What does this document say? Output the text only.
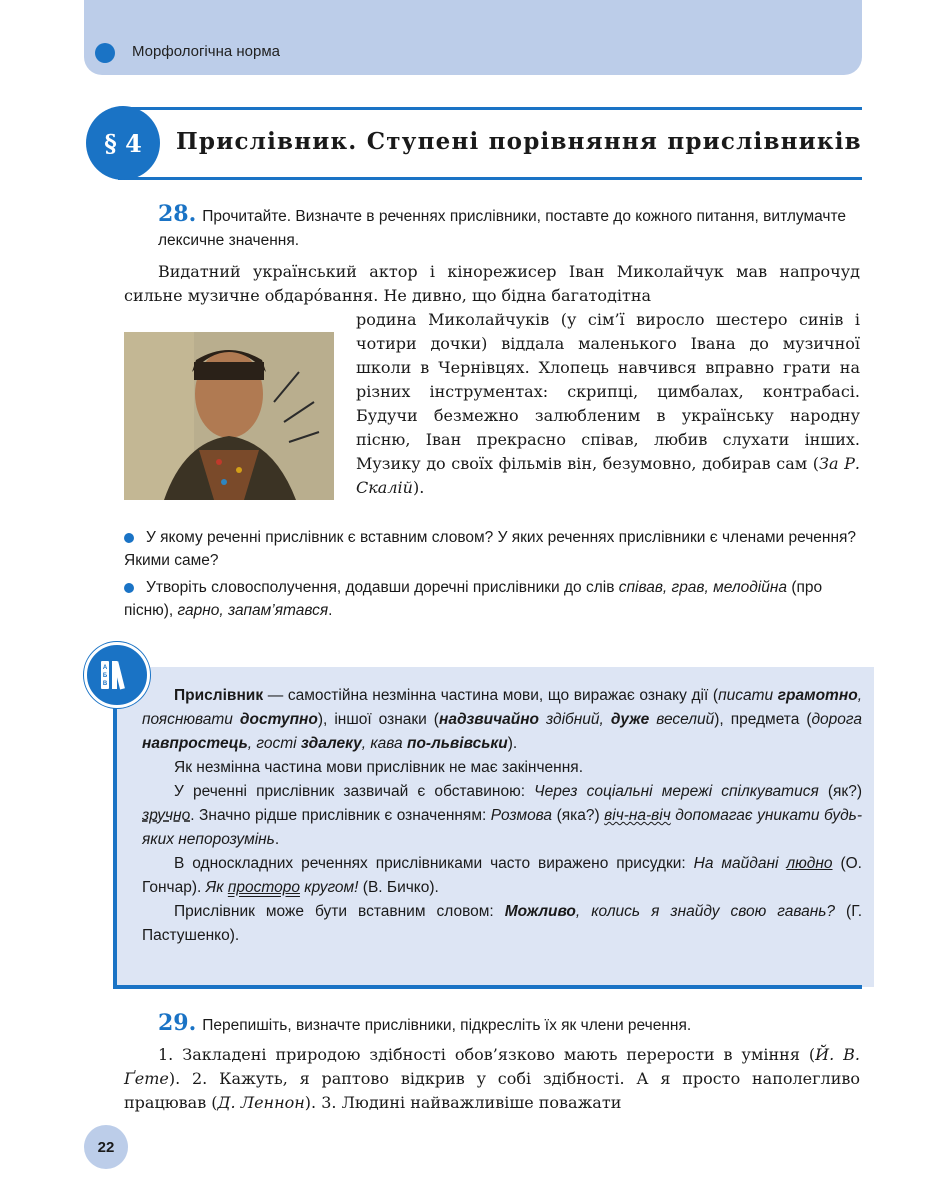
Морфологічна норма
§ 4	Прислівник. Ступені порівняння прислівників
28. Прочитайте. Визначте в реченнях прислівники, поставте до кожного питання, витлумачте лексичне значення.
Видатний український актор і кінорежисер Іван Миколайчук мав напрочуд сильне музичне обдаро́вання. Не дивно, що бідна багатодітна
родина Миколайчуків (у сім’ї виросло шестеро синів і чотири дочки) віддала маленького Івана до музичної школи в Чернівцях. Хлопець навчився вправно грати на різних інструментах: скрипці, цимбалах, контрабасі. Будучи безмежно залюбленим в українську народну пісню, Іван прекрасно співав, любив слухати інших. Музику до своїх фільмів він, безумовно, добирав сам (За Р. Скалій).
У якому реченні прислівник є вставним словом? У яких реченнях прислівники є членами речення? Якими саме?
Утворіть словосполучення, додавши доречні прислівники до слів співав, грав, мелодійна (про пісню), гарно, запам’ятався.
А
Б
В

Прислівник — самостійна незмінна частина мови, що виражає ознаку дії (писати грамотно, пояснювати доступно), іншої ознаки (надзвичайно здібний, дуже веселий), предмета (дорога навпростець, гості здалеку, кава по-львівськи).

Як незмінна частина мови прислівник не має закінчення.

У реченні прислівник зазвичай є обставиною: Через соціальні мережі спілкуватися (як?) зручно. Значно рідше прислівник є означенням: Розмова (яка?) віч-на-віч допомагає уникати будь-яких непорозумінь.

В односкладних реченнях прислівниками часто виражено присудки: На майдані людно (О. Гончар). Як просторо кругом! (В. Бичко).

Прислівник може бути вставним словом: Можливо, колись я знайду свою гавань? (Г. Пастушенко).

29. Перепишіть, визначте прислівники, підкресліть їх як члени речення.
1. Закладені природою здібності обов’язково мають перерости в уміння (Й. В. Ґете). 2. Кажуть, я раптово відкрив у собі здібності. А я просто наполегливо працював (Д. Леннон). 3. Людині найважливіше поважати
22
